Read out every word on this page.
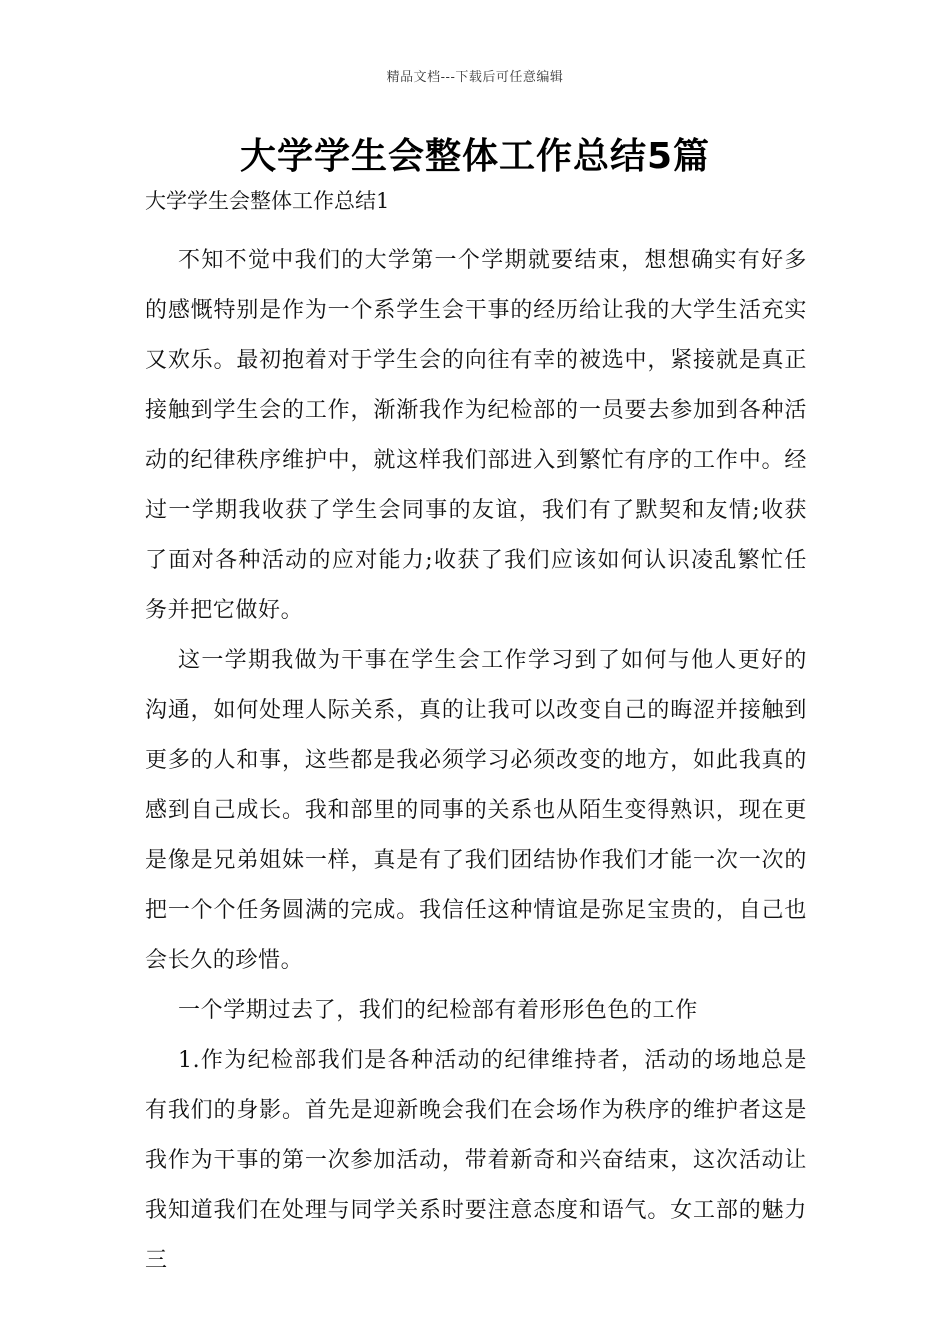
精品文档---下载后可任意编辑
大学学生会整体工作总结5篇

大学学生会整体工作总结1

不知不觉中我们的大学第一个学期就要结束，想想确实有好多的感慨特别是作为一个系学生会干事的经历给让我的大学生活充实又欢乐。最初抱着对于学生会的向往有幸的被选中，紧接就是真正接触到学生会的工作，渐渐我作为纪检部的一员要去参加到各种活动的纪律秩序维护中，就这样我们部进入到繁忙有序的工作中。经过一学期我收获了学生会同事的友谊，我们有了默契和友情;收获了面对各种活动的应对能力;收获了我们应该如何认识凌乱繁忙任务并把它做好。

这一学期我做为干事在学生会工作学习到了如何与他人更好的沟通，如何处理人际关系，真的让我可以改变自己的晦涩并接触到更多的人和事，这些都是我必须学习必须改变的地方，如此我真的感到自己成长。我和部里的同事的关系也从陌生变得熟识，现在更是像是兄弟姐妹一样，真是有了我们团结协作我们才能一次一次的把一个个任务圆满的完成。我信任这种情谊是弥足宝贵的，自己也会长久的珍惜。

一个学期过去了，我们的纪检部有着形形色色的工作

1.作为纪检部我们是各种活动的纪律维持者，活动的场地总是有我们的身影。首先是迎新晚会我们在会场作为秩序的维护者这是我作为干事的第一次参加活动，带着新奇和兴奋结束，这次活动让我知道我们在处理与同学关系时要注意态度和语气。女工部的魅力三
